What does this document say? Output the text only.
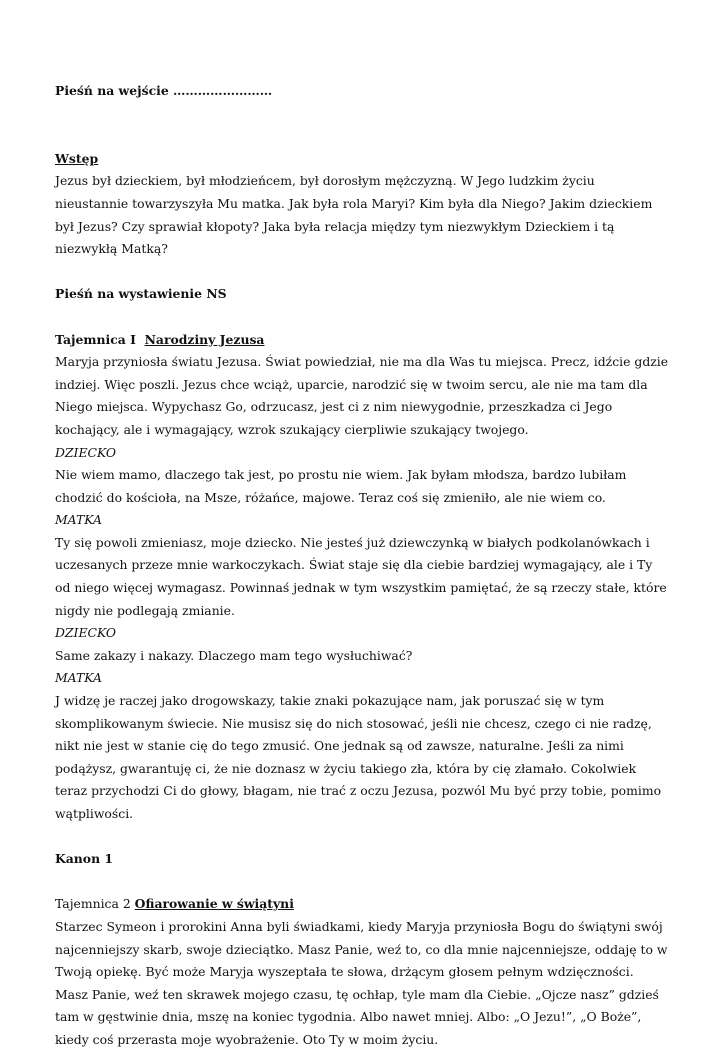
Pieśń na wejście ……………………

Wstęp

Jezus był dzieckiem, był młodzieńcem, był dorosłym mężczyzną. W Jego ludzkim życiu nieustannie towarzyszyła Mu matka. Jak była rola Maryi? Kim była dla Niego? Jakim dzieckiem był Jezus? Czy sprawiał kłopoty? Jaka była relacja między tym niezwykłym Dzieckiem i tą niezwykłą Matką?

Pieśń na wystawienie NS

Tajemnica I Narodziny Jezusa

Maryja przyniosła światu Jezusa. Świat powiedział, nie ma dla Was tu miejsca. Precz, idźcie gdzie indziej. Więc poszli. Jezus chce wciąż, uparcie, narodzić się w twoim sercu, ale nie ma tam dla Niego miejsca. Wypychasz Go, odrzucasz, jest ci z nim niewygodnie, przeszkadza ci Jego kochający, ale i wymagający, wzrok szukający cierpliwie szukający twojego.

DZIECKO

Nie wiem mamo, dlaczego tak jest, po prostu nie wiem. Jak byłam młodsza, bardzo lubiłam chodzić do kościoła, na Msze, różańce, majowe. Teraz coś się zmieniło, ale nie wiem co.

MATKA

Ty się powoli zmieniasz, moje dziecko. Nie jesteś już dziewczynką w białych podkolanówkach i uczesanych przeze mnie warkoczykach. Świat staje się dla ciebie bardziej wymagający, ale i Ty od niego więcej wymagasz. Powinnaś jednak w tym wszystkim pamiętać, że są rzeczy stałe, które nigdy nie podlegają zmianie.

DZIECKO

Same zakazy i nakazy. Dlaczego mam tego wysłuchiwać?

MATKA

J widzę je raczej jako drogowskazy, takie znaki pokazujące nam, jak poruszać się w tym skomplikowanym świecie. Nie musisz się do nich stosować, jeśli nie chcesz, czego ci nie radzę, nikt nie jest w stanie cię do tego zmusić. One jednak są od zawsze, naturalne. Jeśli za nimi podążysz, gwarantuję ci, że nie doznasz w życiu takiego zła, która by cię złamało. Cokolwiek teraz przychodzi Ci do głowy, błagam, nie trać z oczu Jezusa, pozwól Mu być przy tobie, pomimo wątpliwości.

Kanon 1

Tajemnica 2 Ofiarowanie w świątyni

Starzec Symeon i prorokini Anna byli świadkami, kiedy Maryja przyniosła Bogu do świątyni swój najcenniejszy skarb, swoje dzieciątko. Masz Panie, weź to, co dla mnie najcenniejsze, oddaję to w Twoją opiekę. Być może Maryja wyszeptała te słowa, drżącym głosem pełnym wdzięczności.

Masz Panie, weź ten skrawek mojego czasu, tę ochłap, tyle mam dla Ciebie. „Ojcze nasz” gdzieś tam w gęstwinie dnia, mszę na koniec tygodnia. Albo nawet mniej. Albo: „O Jezu!”, „O Boże”, kiedy coś przerasta moje wyobrażenie. Oto Ty w moim życiu.
